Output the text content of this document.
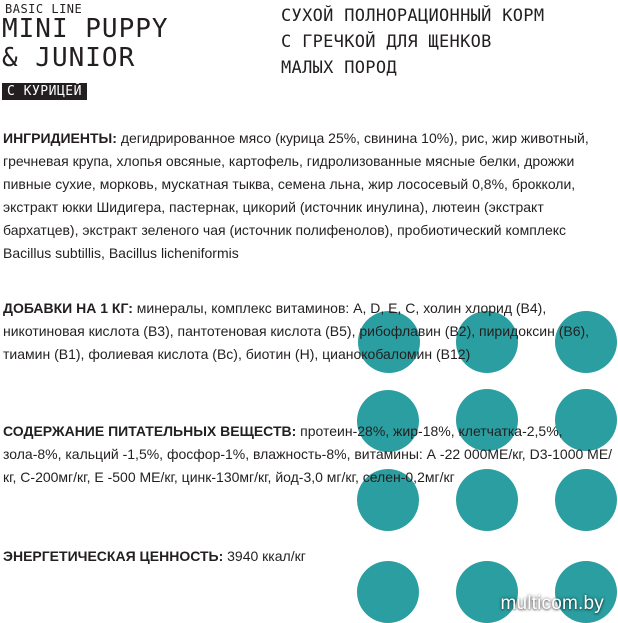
BASIC LINE
MINI PUPPY
& JUNIOR
С КУРИЦЕЙ

СУХОЙ ПОЛНОРАЦИОННЫЙ КОРМ
С ГРЕЧКОЙ ДЛЯ ЩЕНКОВ
МАЛЫХ ПОРОД

ИНГРИДИЕНТЫ: дегидрированное мясо (курица 25%, свинина 10%), рис, жир животный, гречневая крупа, хлопья овсяные, картофель, гидролизованные мясные белки, дрожжи пивные сухие, морковь, мускатная тыква, семена льна, жир лососевый 0,8%, брокколи, экстракт юкки Шидигера, пастернак, цикорий (источник инулина), лютеин (экстракт бархатцев), экстракт зеленого чая (источник полифенолов), пробиотический комплекс Bacillus subtillis, Bacillus licheniformis

ДОБАВКИ НА 1 КГ: минералы, комплекс витаминов: A, D, E, C, холин хлорид (B4), никотиновая кислота (B3), пантотеновая кислота (B5), рибофлавин (B2), пиридоксин (B6), тиамин (B1), фолиевая кислота (Bc), биотин (H), цианокобаломин (B12)

СОДЕРЖАНИЕ ПИТАТЕЛЬНЫХ ВЕЩЕСТВ: протеин-28%, жир-18%, клетчатка-2,5%, зола-8%, кальций -1,5%, фосфор-1%, влажность-8%, витамины: А -22 000МЕ/кг, D3-1000 МЕ/кг, С-200мг/кг, Е -500 МЕ/кг, цинк-130мг/кг, йод-3,0 мг/кг, селен-0,2мг/кг

ЭНЕРГЕТИЧЕСКАЯ ЦЕННОСТЬ: 3940 ккал/кг

multicom.by
